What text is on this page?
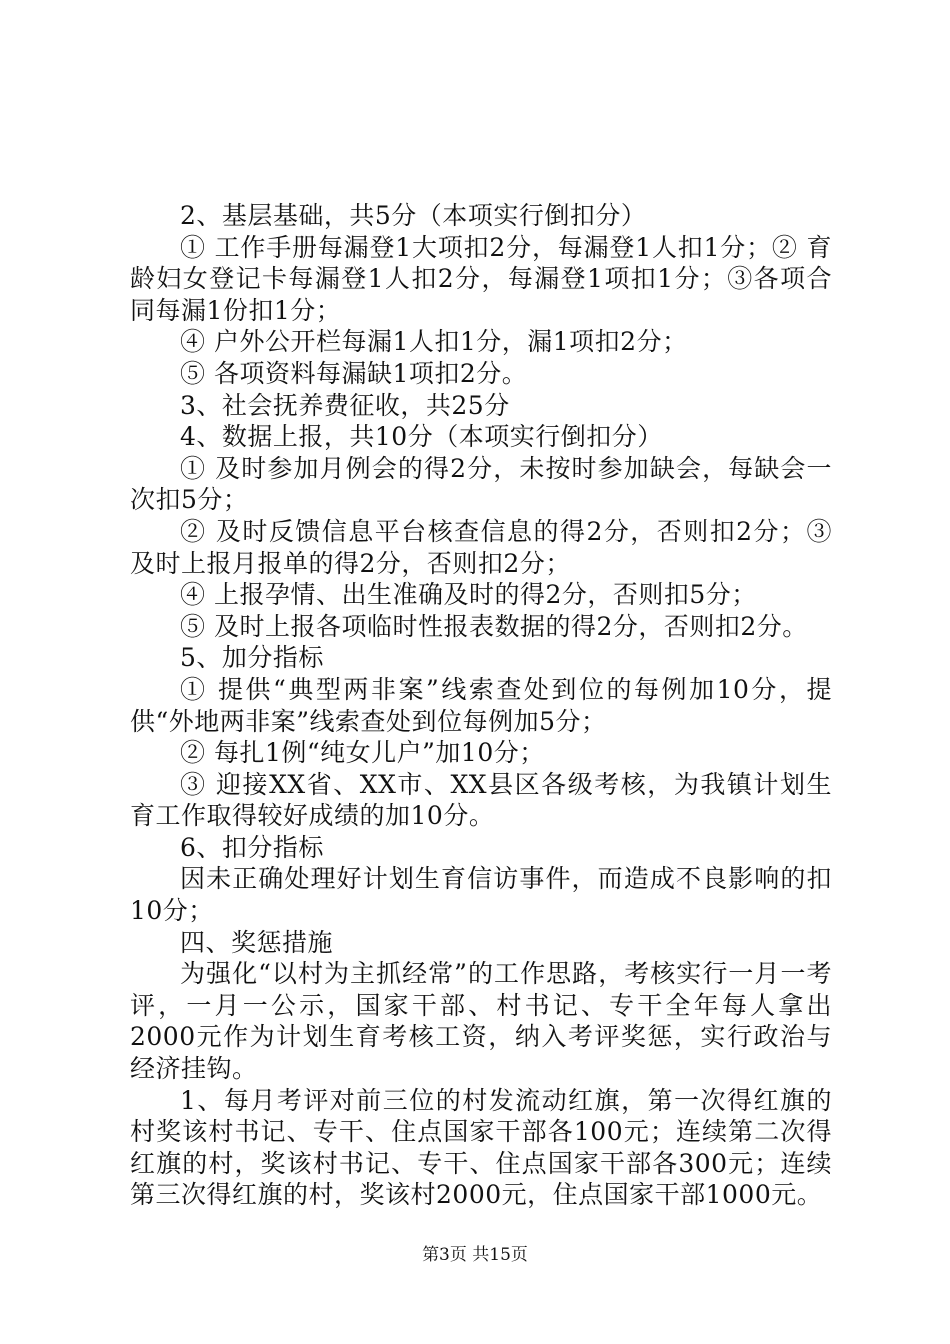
2、基层基础，共5分（本项实行倒扣分）

① 工作手册每漏登1大项扣2分，每漏登1人扣1分；② 育龄妇女登记卡每漏登1人扣2分，每漏登1项扣1分；③各项合同每漏1份扣1分；

④ 户外公开栏每漏1人扣1分，漏1项扣2分；

⑤ 各项资料每漏缺1项扣2分。

3、社会抚养费征收，共25分

4、数据上报，共10分（本项实行倒扣分）

① 及时参加月例会的得2分，未按时参加缺会，每缺会一次扣5分；

② 及时反馈信息平台核查信息的得2分，否则扣2分；③ 及时上报月报单的得2分，否则扣2分；

④ 上报孕情、出生准确及时的得2分，否则扣5分；

⑤ 及时上报各项临时性报表数据的得2分，否则扣2分。

5、加分指标

① 提供“典型两非案”线索查处到位的每例加10分，提供“外地两非案”线索查处到位每例加5分；

② 每扎1例“纯女儿户”加10分；

③ 迎接XX省、XX市、XX县区各级考核，为我镇计划生育工作取得较好成绩的加10分。

6、扣分指标

因未正确处理好计划生育信访事件，而造成不良影响的扣10分；

四、奖惩措施

为强化“以村为主抓经常”的工作思路，考核实行一月一考评，一月一公示，国家干部、村书记、专干全年每人拿出2000元作为计划生育考核工资，纳入考评奖惩，实行政治与经济挂钩。

1、每月考评对前三位的村发流动红旗，第一次得红旗的村奖该村书记、专干、住点国家干部各100元；连续第二次得红旗的村，奖该村书记、专干、住点国家干部各300元；连续第三次得红旗的村，奖该村2000元，住点国家干部1000元。

第3页 共15页
